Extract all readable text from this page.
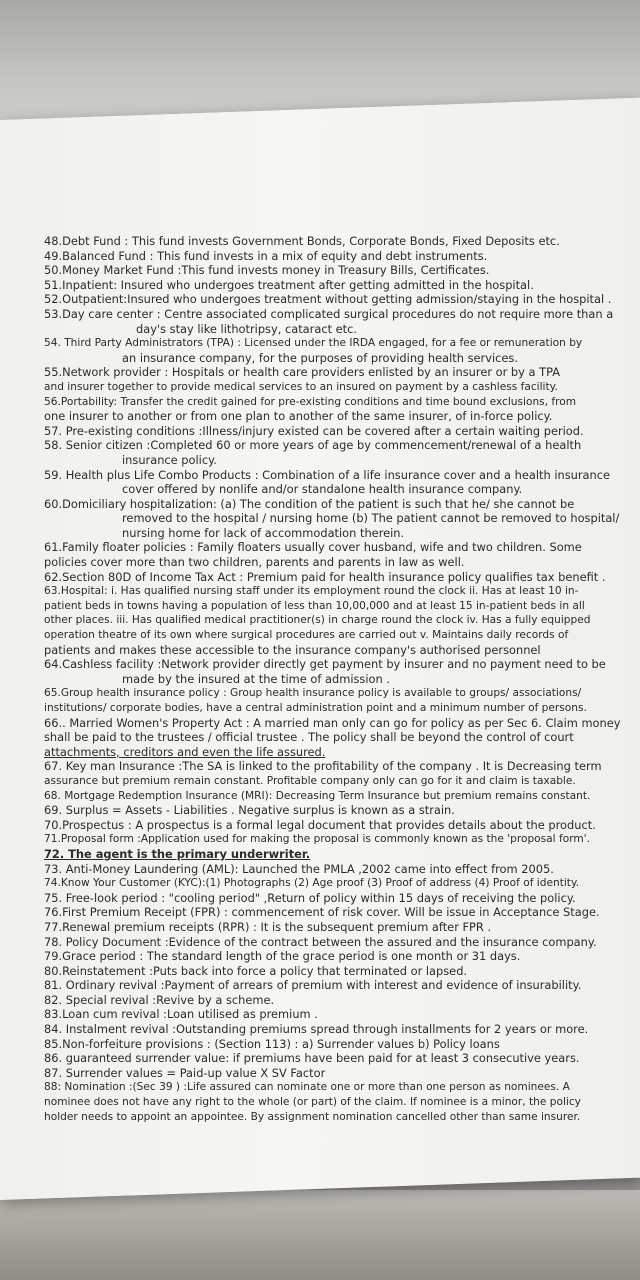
48.Debt Fund : This fund invests Government Bonds, Corporate Bonds, Fixed Deposits etc.
49.Balanced Fund : This fund invests in a mix of equity and debt instruments.
50.Money Market Fund :This fund invests money in Treasury Bills, Certificates.
51.Inpatient: Insured who undergoes treatment after getting admitted in the hospital.
52.Outpatient:Insured who undergoes treatment without getting admission/staying in the hospital .
53.Day care center : Centre associated complicated surgical procedures do not require more than a
day's stay like lithotripsy, cataract etc.
54. Third Party Administrators (TPA) : Licensed under the IRDA engaged, for a fee or remuneration by
an insurance company, for the purposes of providing health services.
55.Network provider : Hospitals or health care providers enlisted by an insurer or by a TPA
and insurer together to provide medical services to an insured on payment by a cashless facility.
56.Portability: Transfer the credit gained for pre-existing conditions and time bound exclusions, from
one insurer to another or from one plan to another of the same insurer, of in-force policy.
57. Pre-existing conditions :Illness/injury existed can be covered after a certain waiting period.
58. Senior citizen :Completed 60 or more years of age by commencement/renewal of a health
insurance policy.
59. Health plus Life Combo Products : Combination of a life insurance cover and a health insurance
cover offered by nonlife and/or standalone health insurance company.
60.Domiciliary hospitalization: (a) The condition of the patient is such that he/ she cannot be
removed to the hospital / nursing home (b) The patient cannot be removed to hospital/
nursing home for lack of accommodation therein.
61.Family floater policies : Family floaters usually cover husband, wife and two children. Some
policies cover more than two children, parents and parents in law as well.
62.Section 80D of Income Tax Act : Premium paid for health insurance policy qualifies tax benefit .
63.Hospital: i. Has qualified nursing staff under its employment round the clock ii. Has at least 10 in-
patient beds in towns having a population of less than 10,00,000 and at least 15 in-patient beds in all
other places. iii. Has qualified medical practitioner(s) in charge round the clock iv. Has a fully equipped
operation theatre of its own where surgical procedures are carried out v. Maintains daily records of
patients and makes these accessible to the insurance company's authorised personnel
64.Cashless facility :Network provider directly get payment by insurer and no payment need to be
made by the insured at the time of admission .
65.Group health insurance policy : Group health insurance policy is available to groups/ associations/
institutions/ corporate bodies, have a central administration point and a minimum number of persons.
66.. Married Women's Property Act : A married man only can go for policy as per Sec 6. Claim money
shall be paid to the trustees / official trustee . The policy shall be beyond the control of court
attachments, creditors and even the life assured.
67. Key man Insurance :The SA is linked to the profitability of the company . It is Decreasing term
assurance but premium remain constant. Profitable company only can go for it and claim is taxable.
68. Mortgage Redemption Insurance (MRI): Decreasing Term Insurance but premium remains constant.
69. Surplus = Assets - Liabilities . Negative surplus is known as a strain.
70.Prospectus : A prospectus is a formal legal document that provides details about the product.
71.Proposal form :Application used for making the proposal is commonly known as the 'proposal form'.
72. The agent is the primary underwriter.
73. Anti-Money Laundering (AML): Launched the PMLA ,2002 came into effect from 2005.
74.Know Your Customer (KYC):(1) Photographs (2) Age proof (3) Proof of address (4) Proof of identity.
75. Free-look period : "cooling period" ,Return of policy within 15 days of receiving the policy.
76.First Premium Receipt (FPR) : commencement of risk cover. Will be issue in Acceptance Stage.
77.Renewal premium receipts (RPR) : It is the subsequent premium after FPR .
78. Policy Document :Evidence of the contract between the assured and the insurance company.
79.Grace period : The standard length of the grace period is one month or 31 days.
80.Reinstatement :Puts back into force a policy that terminated or lapsed.
81. Ordinary revival :Payment of arrears of premium with interest and evidence of insurability.
82. Special revival :Revive by a scheme.
83.Loan cum revival :Loan utilised as premium .
84. Instalment revival :Outstanding premiums spread through installments for 2 years or more.
85.Non-forfeiture provisions : (Section 113) : a) Surrender values b) Policy loans
86. guaranteed surrender value: if premiums have been paid for at least 3 consecutive years.
87. Surrender values = Paid-up value X SV Factor
88: Nomination :(Sec 39 ) :Life assured can nominate one or more than one person as nominees. A
nominee does not have any right to the whole (or part) of the claim. If nominee is a minor, the policy
holder needs to appoint an appointee. By assignment nomination cancelled other than same insurer.
